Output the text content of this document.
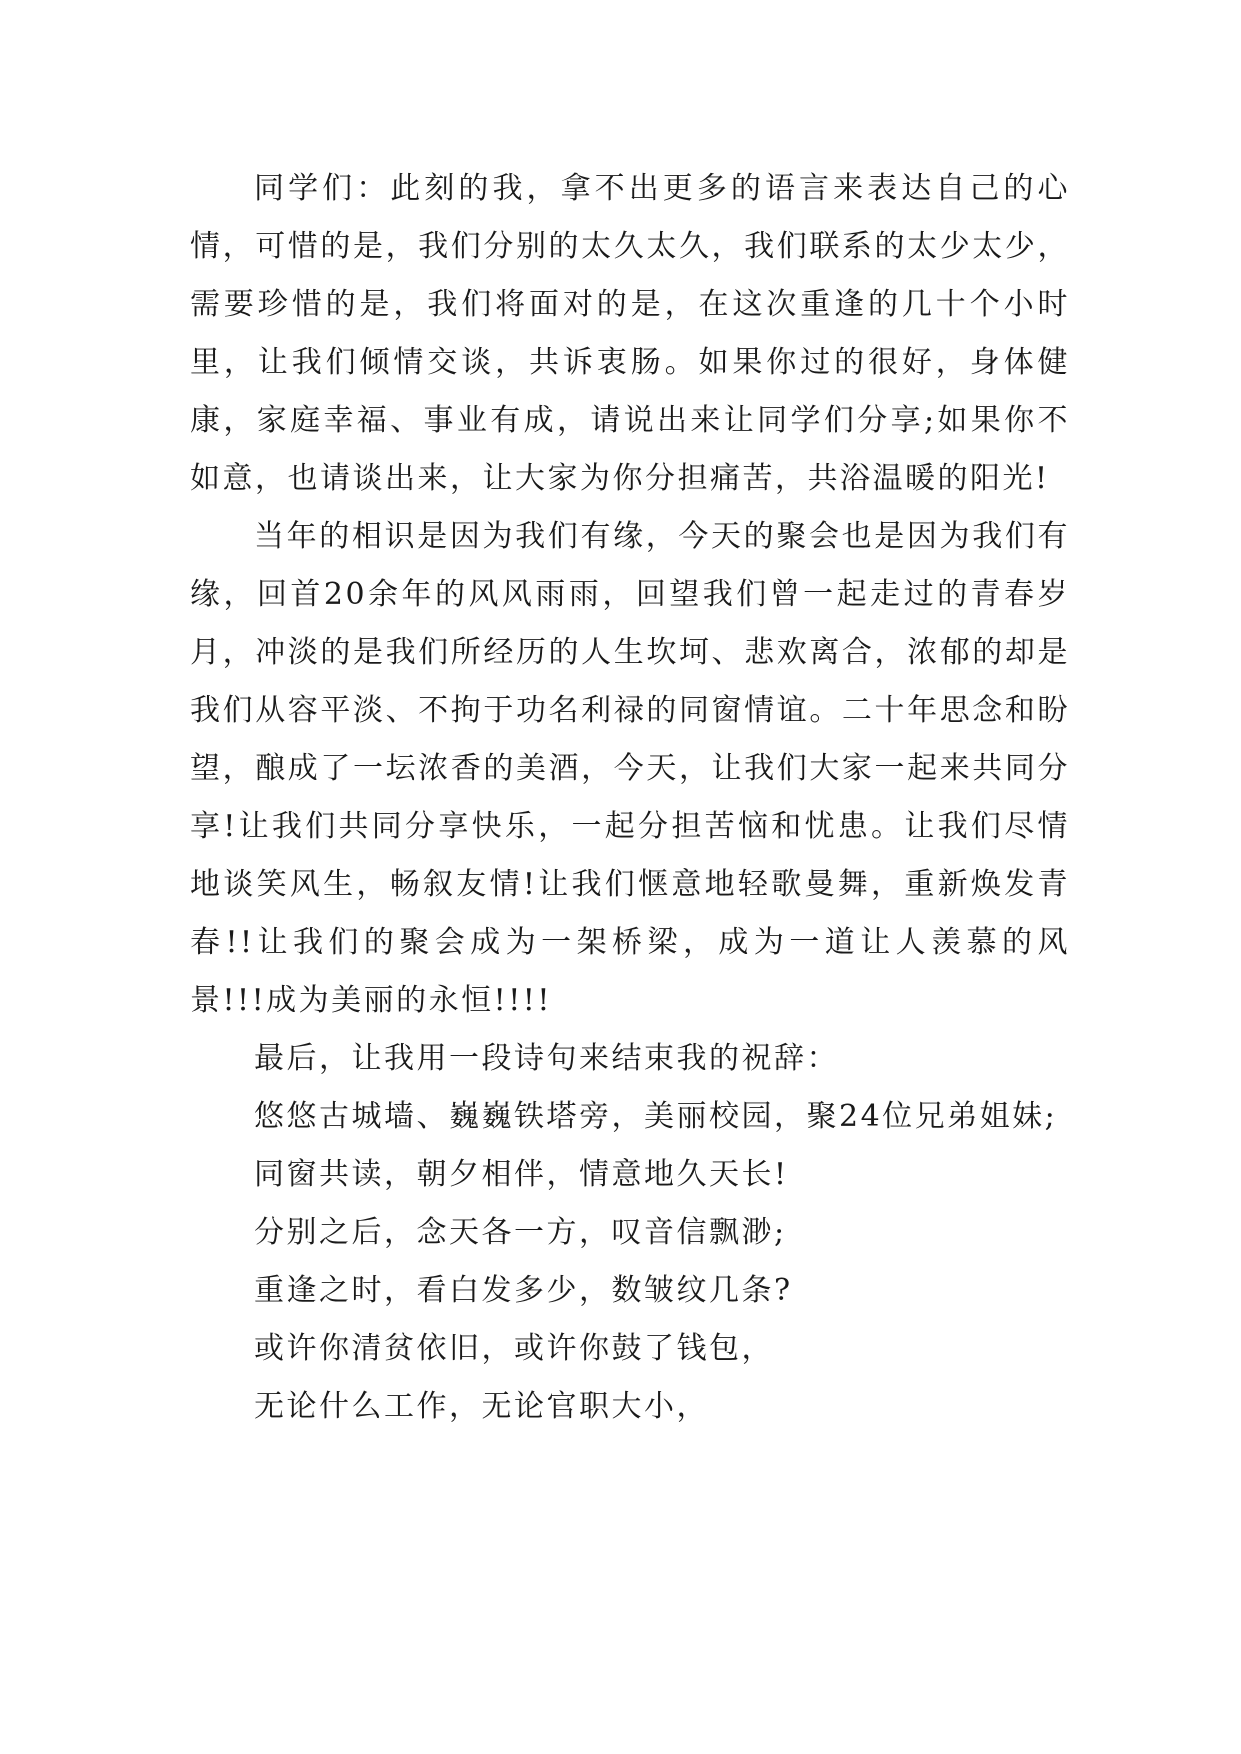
同学们：此刻的我，拿不出更多的语言来表达自己的心情，可惜的是，我们分别的太久太久，我们联系的太少太少，需要珍惜的是，我们将面对的是，在这次重逢的几十个小时里，让我们倾情交谈，共诉衷肠。如果你过的很好，身体健康，家庭幸福、事业有成，请说出来让同学们分享;如果你不如意，也请谈出来，让大家为你分担痛苦，共浴温暖的阳光!

当年的相识是因为我们有缘，今天的聚会也是因为我们有缘，回首20余年的风风雨雨，回望我们曾一起走过的青春岁月，冲淡的是我们所经历的人生坎坷、悲欢离合，浓郁的却是我们从容平淡、不拘于功名利禄的同窗情谊。二十年思念和盼望，酿成了一坛浓香的美酒，今天，让我们大家一起来共同分享!让我们共同分享快乐，一起分担苦恼和忧患。让我们尽情地谈笑风生，畅叙友情!让我们惬意地轻歌曼舞，重新焕发青春!!让我们的聚会成为一架桥梁，成为一道让人羡慕的风景!!!成为美丽的永恒!!!!

最后，让我用一段诗句来结束我的祝辞：

悠悠古城墙、巍巍铁塔旁，美丽校园，聚24位兄弟姐妹;

同窗共读，朝夕相伴，情意地久天长!

分别之后，念天各一方，叹音信飘渺;

重逢之时，看白发多少，数皱纹几条?

或许你清贫依旧，或许你鼓了钱包，

无论什么工作，无论官职大小，
